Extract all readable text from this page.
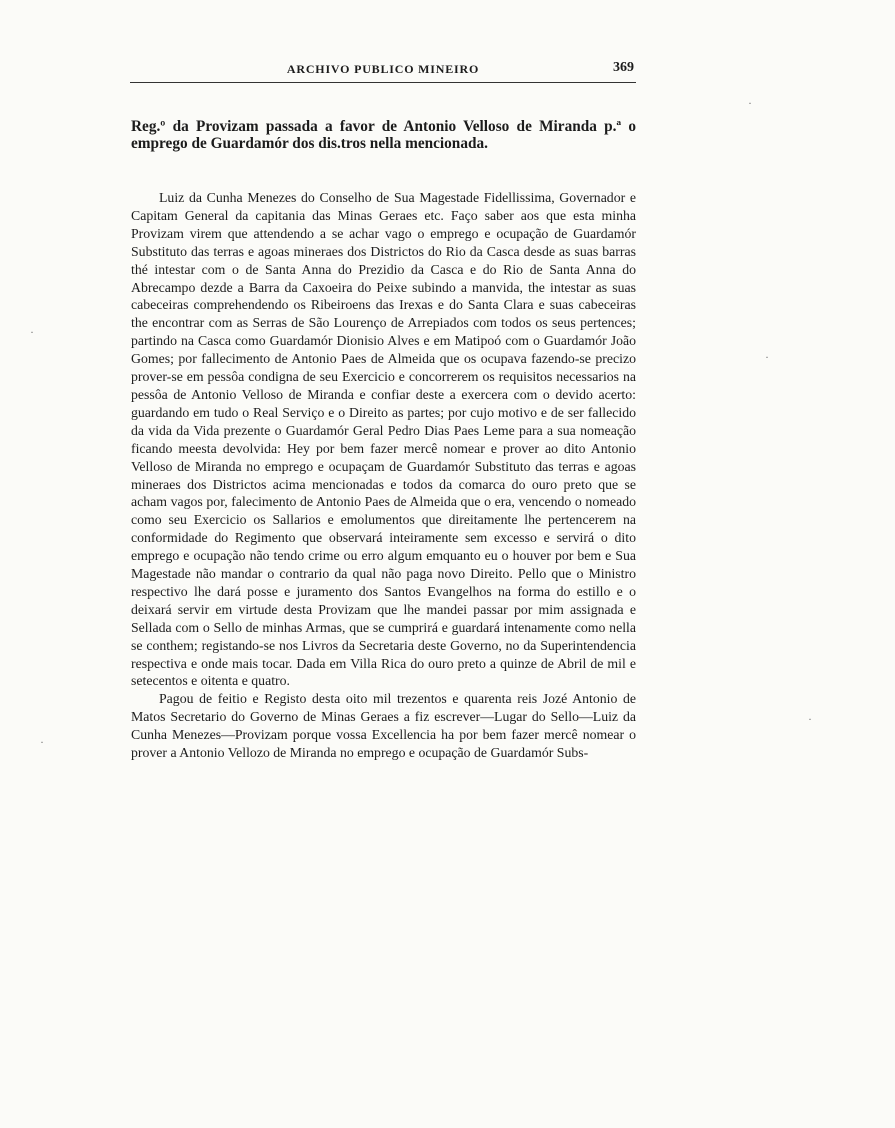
ARCHIVO PUBLICO MINEIRO	369
Reg.º da Provizam passada a favor de Antonio Velloso de Miranda p.ª o emprego de Guardamór dos dis.tros nella mencionada.

Luiz da Cunha Menezes do Conselho de Sua Magestade Fidellissima, Governador e Capitam General da capitania das Minas Geraes etc. Faço saber aos que esta minha Provizam virem que attendendo a se achar vago o emprego e ocupação de Guardamór Substituto das terras e agoas mineraes dos Districtos do Rio da Casca desde as suas barras thé intestar com o de Santa Anna do Prezidio da Casca e do Rio de Santa Anna do Abrecampo dezde a Barra da Caxoeira do Peixe subindo a manvida, the intestar as suas cabeceiras comprehendendo os Ribeiroens das Irexas e do Santa Clara e suas cabeceiras the encontrar com as Serras de São Lourenço de Arrepiados com todos os seus pertences; partindo na Casca como Guardamór Dionisio Alves e em Matipoó com o Guardamór João Gomes; por fallecimento de Antonio Paes de Almeida que os ocupava fazendo-se precizo prover-se em pessôa condigna de seu Exercicio e concorrerem os requisitos necessarios na pessôa de Antonio Velloso de Miranda e confiar deste a exercera com o devido acerto: guardando em tudo o Real Serviço e o Direito as partes; por cujo motivo e de ser fallecido da vida da Vida prezente o Guardamór Geral Pedro Dias Paes Leme para a sua nomeação ficando meesta devolvida: Hey por bem fazer mercê nomear e prover ao dito Antonio Velloso de Miranda no emprego e ocupaçam de Guardamór Substituto das terras e agoas mineraes dos Districtos acima mencionadas e todos da comarca do ouro preto que se acham vagos por, falecimento de Antonio Paes de Almeida que o era, vencendo o nomeado como seu Exercicio os Sallarios e emolumentos que direitamente lhe pertencerem na conformidade do Regimento que observará inteiramente sem excesso e servirá o dito emprego e ocupação não tendo crime ou erro algum emquanto eu o houver por bem e Sua Magestade não mandar o contrario da qual não paga novo Direito. Pello que o Ministro respectivo lhe dará posse e juramento dos Santos Evangelhos na forma do estillo e o deixará servir em virtude desta Provizam que lhe mandei passar por mim assignada e Sellada com o Sello de minhas Armas, que se cumprirá e guardará intenamente como nella se conthem; registando-se nos Livros da Secretaria deste Governo, no da Superintendencia respectiva e onde mais tocar. Dada em Villa Rica do ouro preto a quinze de Abril de mil e setecentos e oitenta e quatro.

Pagou de feitio e Registo desta oito mil trezentos e quarenta reis Jozé Antonio de Matos Secretario do Governo de Minas Geraes a fiz escrever—Lugar do Sello—Luiz da Cunha Menezes—Provizam porque vossa Excellencia ha por bem fazer mercê nomear o prover a Antonio Vellozo de Miranda no emprego e ocupação de Guardamór Subs-

·
·
·
·
·
